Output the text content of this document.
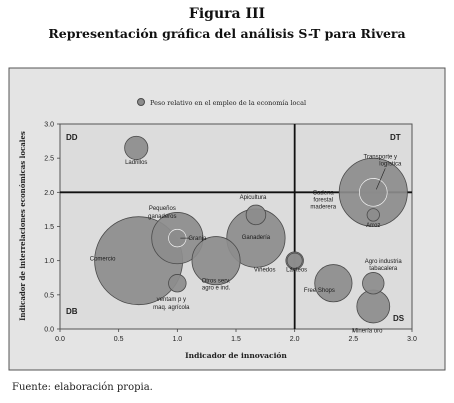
Figura III
Representación gráfica del análisis S-T para Rivera
0.0	0.5	1.0	1.5	2.0	2.5	3.0
0.0
0.5
1.0
1.5
2.0
2.5
3.0
Ladrillos
Pequeños ganaderos
Granja
Comercio
ventam p y maq. agrícola
Otros serv. agro e ind.
Apicultura
Ganadería
Viñedos Lácteos
Free Shops
Agro industria tabacalera
Minería oro
Cadena forestal maderera
Transporte y logística
Arroz
Peso relativo en el empleo de la economía local
DD	DT
DB
DS
Indicador de innovación
Indicador de interrelaciones económicas locales
Fuente: elaboración propia.
